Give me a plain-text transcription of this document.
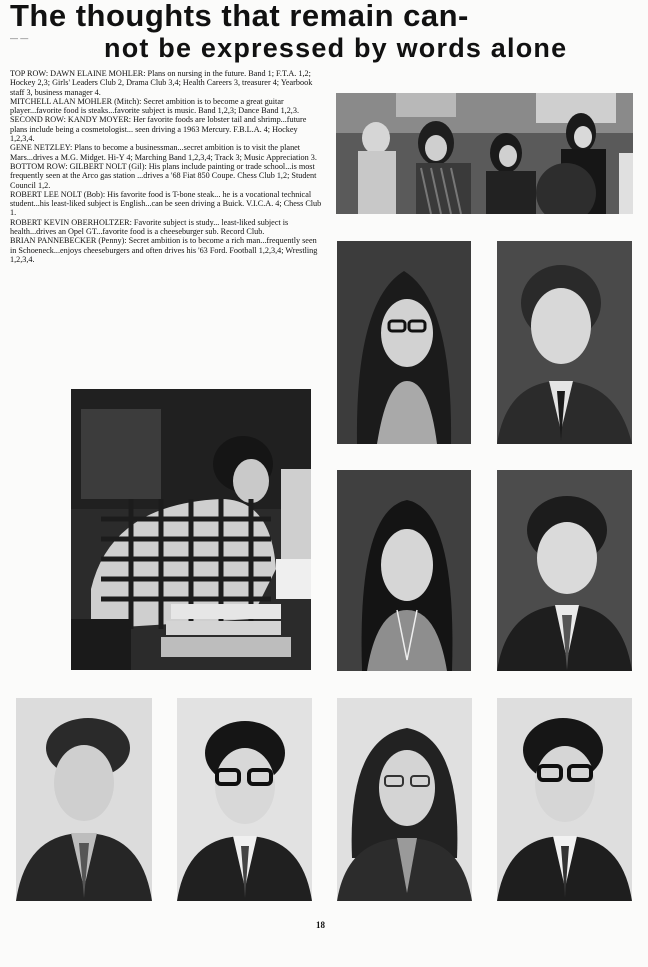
The thoughts that remain can-
— —	not be expressed by words alone

TOP ROW: DAWN ELAINE MOHLER: Plans on nursing in the future. Band 1; F.T.A. 1,2; Hockey 2,3; Girls' Leaders Club 2, Drama Club 3,4; Health Careers 3, treasurer 4; Yearbook staff 3, business manager 4.

MITCHELL ALAN MOHLER (Mitch): Secret ambition is to become a great guitar player...favorite food is steaks...favorite subject is music. Band 1,2,3; Dance Band 1,2,3.

SECOND ROW: KANDY MOYER: Her favorite foods are lobster tail and shrimp...future plans include being a cosmetologist... seen driving a 1963 Mercury. F.B.L.A. 4; Hockey 1,2,3,4.

GENE NETZLEY: Plans to become a businessman...secret ambition is to visit the planet Mars...drives a M.G. Midget. Hi-Y 4; Marching Band 1,2,3,4; Track 3; Music Appreciation 3.

BOTTOM ROW: GILBERT NOLT (Gil): His plans include painting or trade school...is most frequently seen at the Arco gas station ...drives a '68 Fiat 850 Coupe. Chess Club 1,2; Student Council 1,2.

ROBERT LEE NOLT (Bob): His favorite food is T-bone steak... he is a vocational technical student...his least-liked subject is English...can be seen driving a Buick. V.I.C.A. 4; Chess Club 1.

ROBERT KEVIN OBERHOLTZER: Favorite subject is study... least-liked subject is health...drives an Opel GT...favorite food is a cheeseburger sub. Record Club.

BRIAN PANNEBECKER (Penny): Secret ambition is to become a rich man...frequently seen in Schoeneck...enjoys cheeseburgers and often drives his '63 Ford. Football 1,2,3,4; Wrestling 1,2,3,4.

18
